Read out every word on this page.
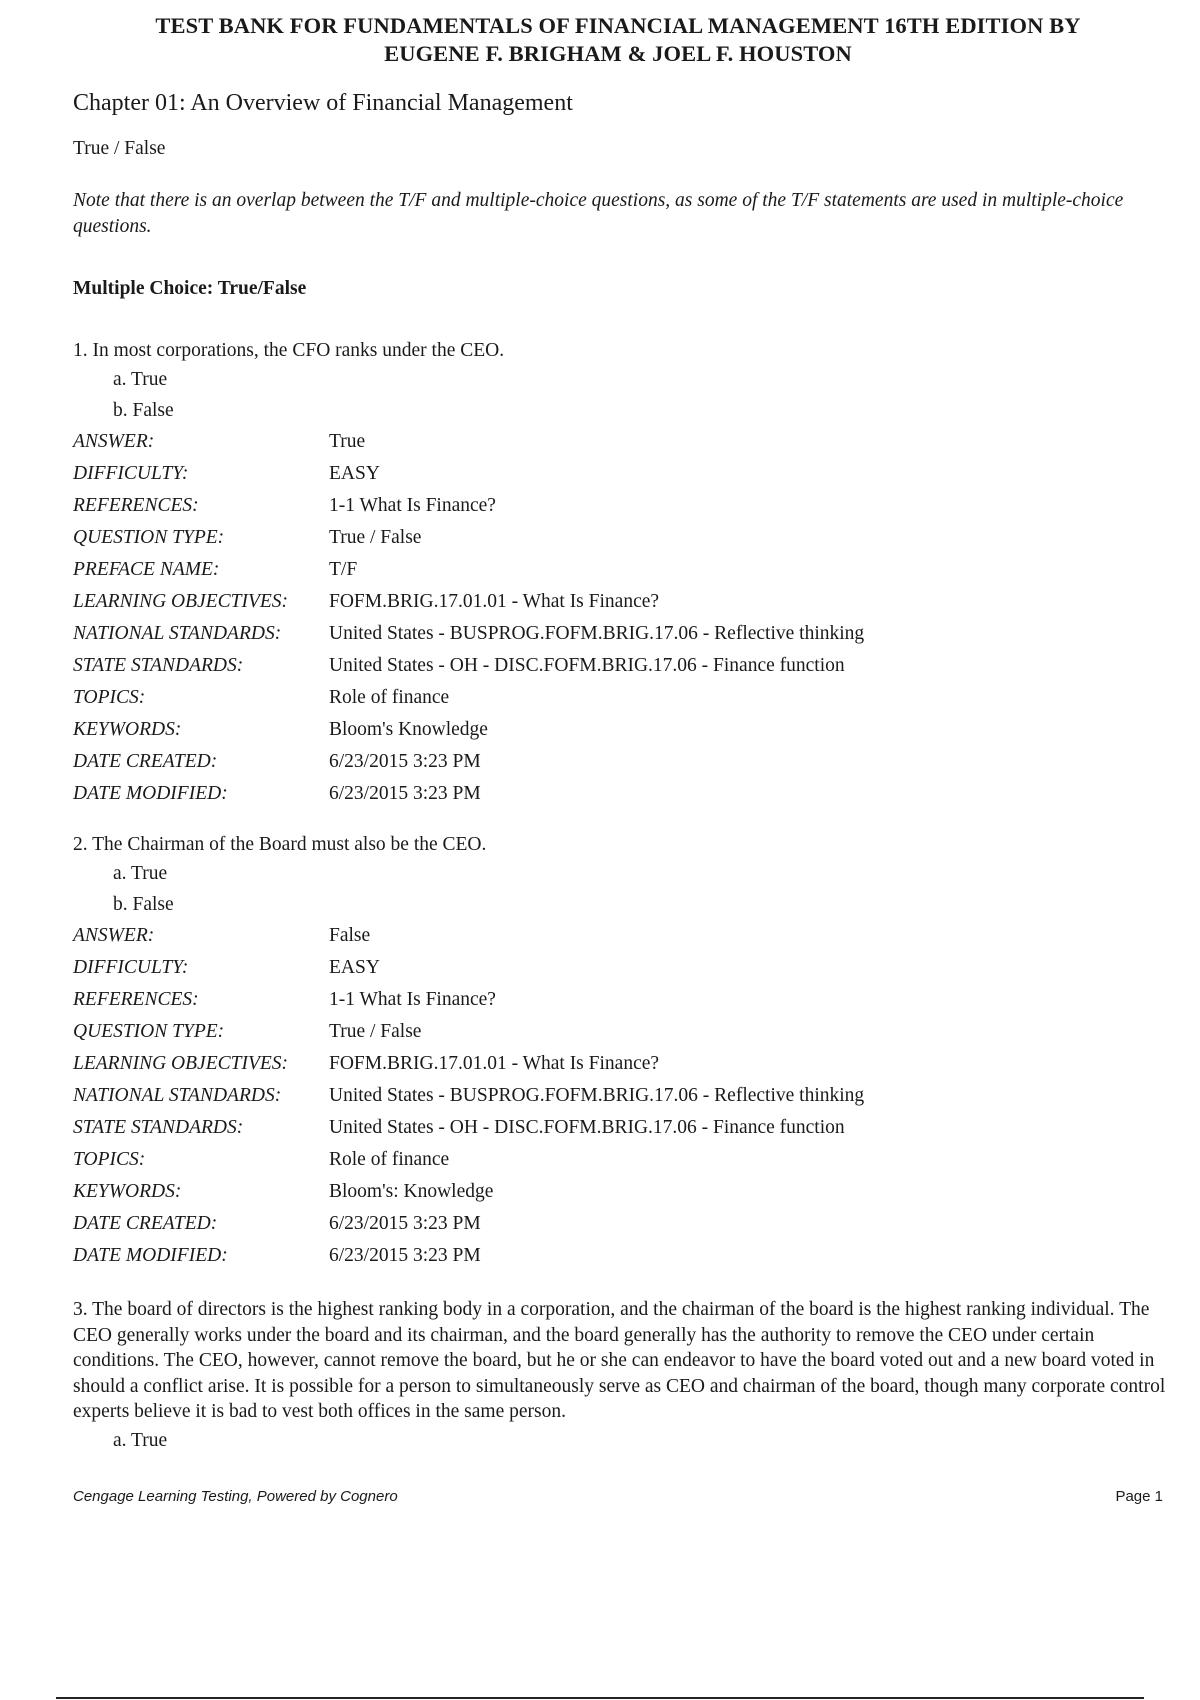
TEST BANK FOR FUNDAMENTALS OF FINANCIAL MANAGEMENT 16TH EDITION BY
EUGENE F. BRIGHAM & JOEL F. HOUSTON
Chapter 01: An Overview of Financial Management
True / False
Note that there is an overlap between the T/F and multiple-choice questions, as some of the T/F statements are used in multiple-choice questions.
Multiple Choice: True/False
1. In most corporations, the CFO ranks under the CEO.
a. True
b. False
ANSWER:	True
DIFFICULTY:	EASY
REFERENCES:	1-1 What Is Finance?
QUESTION TYPE:	True / False
PREFACE NAME:	T/F
LEARNING OBJECTIVES:	FOFM.BRIG.17.01.01 - What Is Finance?
NATIONAL STANDARDS:	United States - BUSPROG.FOFM.BRIG.17.06 - Reflective thinking
STATE STANDARDS:	United States - OH - DISC.FOFM.BRIG.17.06 - Finance function
TOPICS:	Role of finance
KEYWORDS:	Bloom's Knowledge
DATE CREATED:	6/23/2015 3:23 PM
DATE MODIFIED:	6/23/2015 3:23 PM
2. The Chairman of the Board must also be the CEO.
a. True
b. False
ANSWER:	False
DIFFICULTY:	EASY
REFERENCES:	1-1 What Is Finance?
QUESTION TYPE:	True / False
LEARNING OBJECTIVES:	FOFM.BRIG.17.01.01 - What Is Finance?
NATIONAL STANDARDS:	United States - BUSPROG.FOFM.BRIG.17.06 - Reflective thinking
STATE STANDARDS:	United States - OH - DISC.FOFM.BRIG.17.06 - Finance function
TOPICS:	Role of finance
KEYWORDS:	Bloom's: Knowledge
DATE CREATED:	6/23/2015 3:23 PM
DATE MODIFIED:	6/23/2015 3:23 PM
3. The board of directors is the highest ranking body in a corporation, and the chairman of the board is the highest ranking individual. The CEO generally works under the board and its chairman, and the board generally has the authority to remove the CEO under certain conditions. The CEO, however, cannot remove the board, but he or she can endeavor to have the board voted out and a new board voted in should a conflict arise. It is possible for a person to simultaneously serve as CEO and chairman of the board, though many corporate control experts believe it is bad to vest both offices in the same person.
a. True
Cengage Learning Testing, Powered by Cognero	Page 1
